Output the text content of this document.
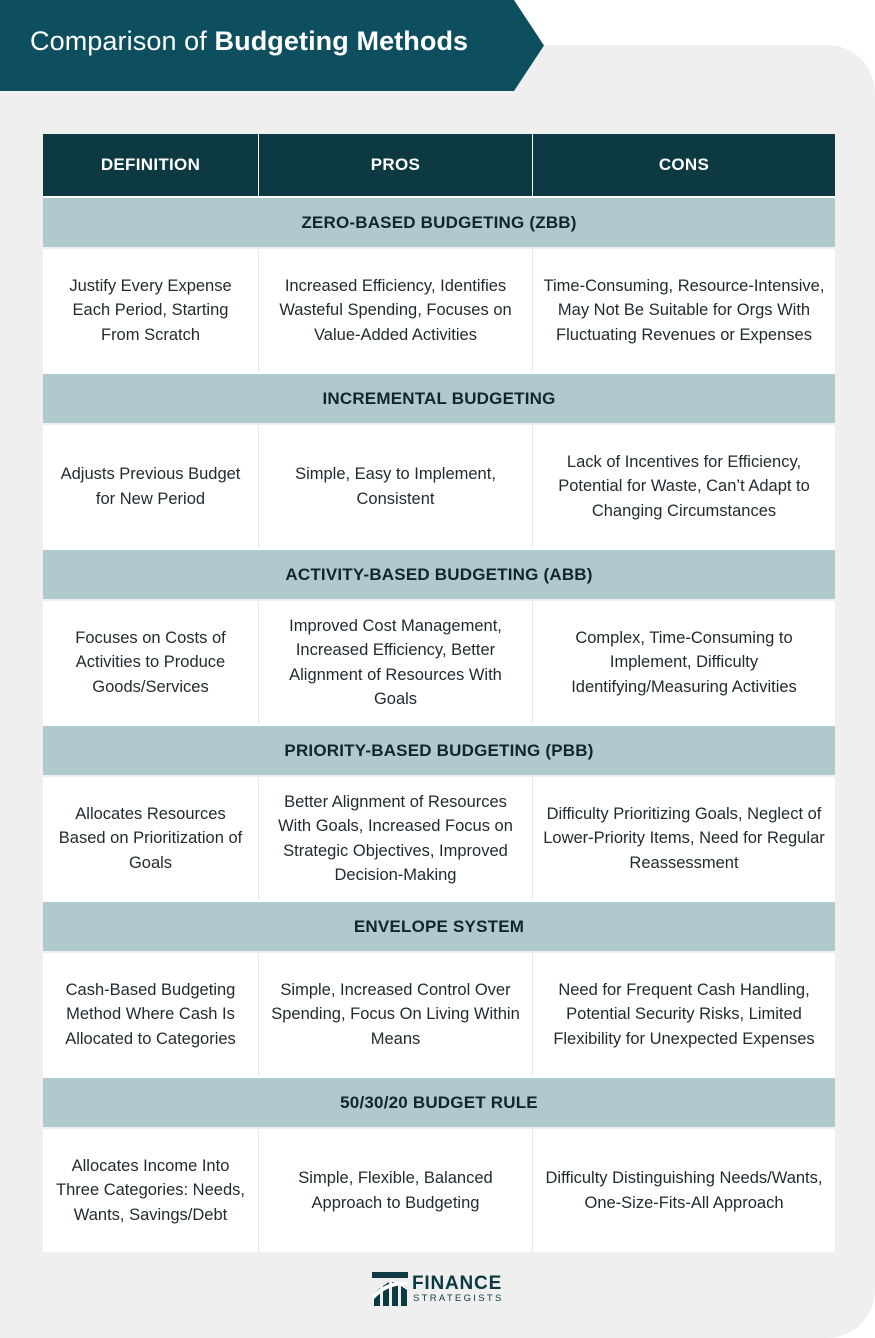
Comparison of Budgeting Methods
DEFINITION	PROS	CONS
ZERO-BASED BUDGETING (ZBB)
Justify Every Expense Each Period, Starting From Scratch
Increased Efficiency, Identifies Wasteful Spending, Focuses on Value-Added Activities
Time-Consuming, Resource-Intensive, May Not Be Suitable for Orgs With Fluctuating Revenues or Expenses
INCREMENTAL BUDGETING
Adjusts Previous Budget for New Period
Simple, Easy to Implement, Consistent
Lack of Incentives for Efficiency, Potential for Waste, Can’t Adapt to Changing Circumstances
ACTIVITY-BASED BUDGETING (ABB)
Focuses on Costs of Activities to Produce Goods/Services
Improved Cost Management, Increased Efficiency, Better Alignment of Resources With Goals
Complex, Time-Consuming to Implement, Difficulty Identifying/Measuring Activities
PRIORITY-BASED BUDGETING (PBB)
Allocates Resources Based on Prioritization of Goals
Better Alignment of Resources With Goals, Increased Focus on Strategic Objectives, Improved Decision-Making
Difficulty Prioritizing Goals, Neglect of Lower-Priority Items, Need for Regular Reassessment
ENVELOPE SYSTEM
Cash-Based Budgeting Method Where Cash Is Allocated to Categories
Simple, Increased Control Over Spending, Focus On Living Within Means
Need for Frequent Cash Handling, Potential Security Risks, Limited Flexibility for Unexpected Expenses
50/30/20 BUDGET RULE
Allocates Income Into Three Categories: Needs, Wants, Savings/Debt
Simple, Flexible, Balanced Approach to Budgeting
Difficulty Distinguishing Needs/Wants, One-Size-Fits-All Approach
FINANCE
STRATEGISTS
